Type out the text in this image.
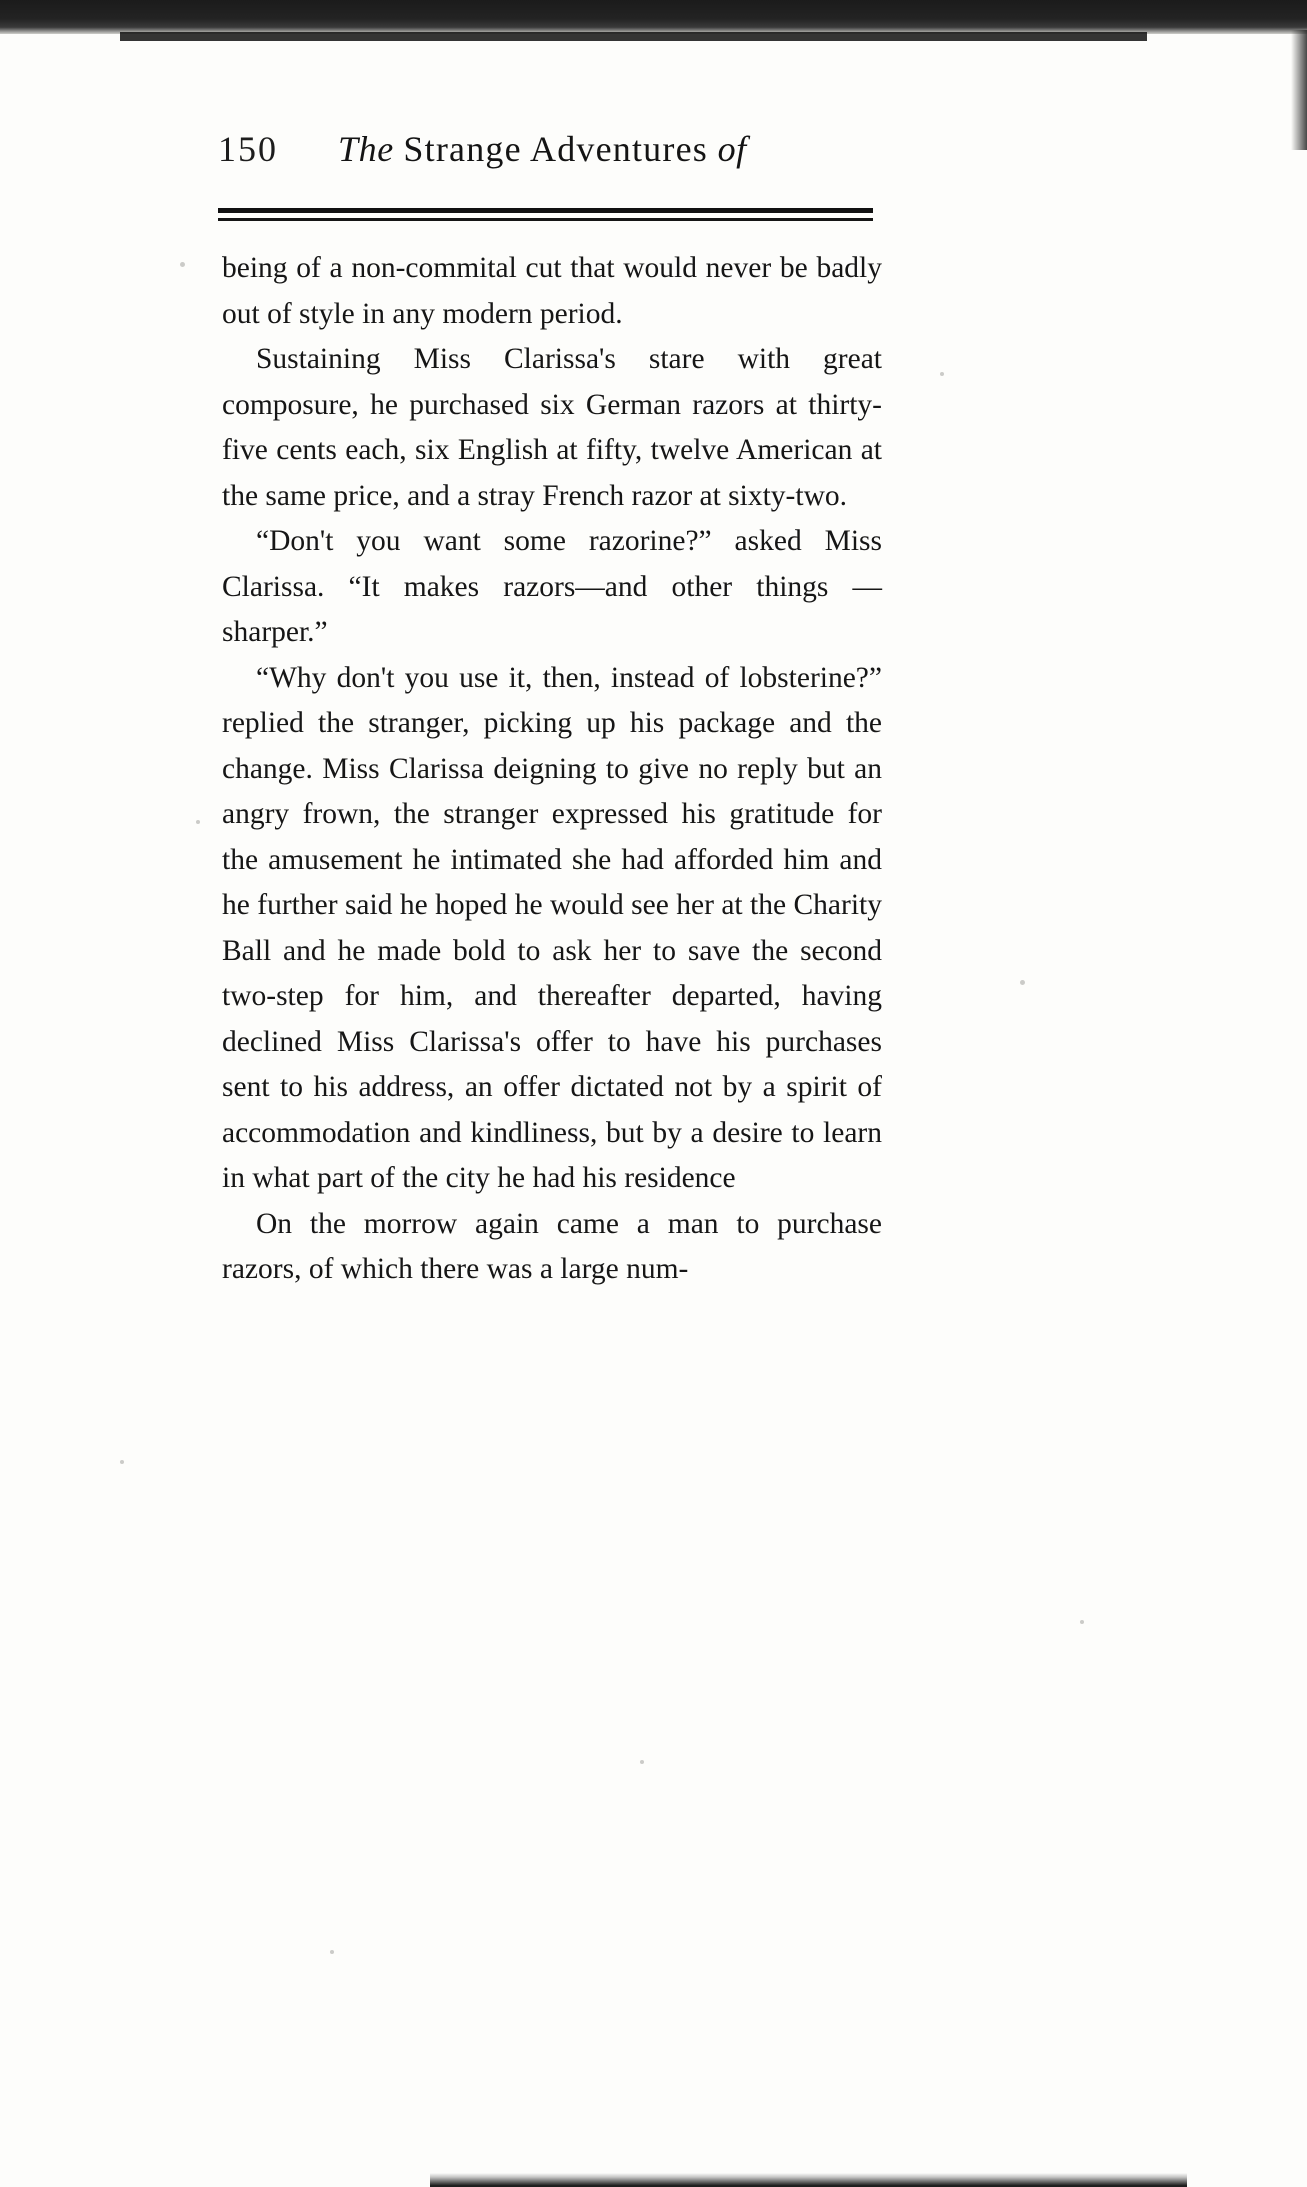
150	The Strange Adventures of

being of a non-commital cut that would never be badly out of style in any modern period.

Sustaining Miss Clarissa's stare with great composure, he purchased six German razors at thirty-five cents each, six English at fifty, twelve American at the same price, and a stray French razor at sixty-two.

“Don't you want some razorine?” asked Miss Clarissa. “It makes razors—and other things —sharper.”

“Why don't you use it, then, instead of lobsterine?” replied the stranger, picking up his package and the change. Miss Clarissa deigning to give no reply but an angry frown, the stranger expressed his gratitude for the amusement he intimated she had afforded him and he further said he hoped he would see her at the Charity Ball and he made bold to ask her to save the second two-step for him, and thereafter departed, having declined Miss Clarissa's offer to have his purchases sent to his address, an offer dictated not by a spirit of accommodation and kindliness, but by a desire to learn in what part of the city he had his residence

On the morrow again came a man to purchase razors, of which there was a large num-
